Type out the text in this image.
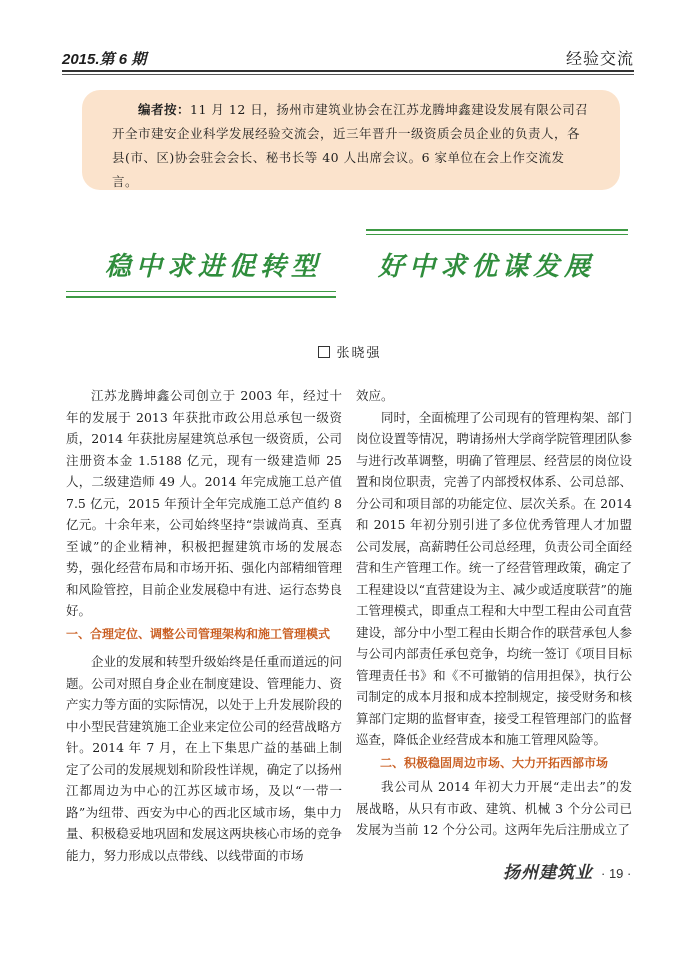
2015.第 6 期	经验交流
编者按：11 月 12 日，扬州市建筑业协会在江苏龙腾坤鑫建设发展有限公司召开全市建安企业科学发展经验交流会，近三年晋升一级资质会员企业的负责人，各县(市、区)协会驻会会长、秘书长等 40 人出席会议。6 家单位在会上作交流发言。
稳中求进促转型    好中求优谋发展
张晓强

江苏龙腾坤鑫公司创立于 2003 年，经过十年的发展于 2013 年获批市政公用总承包一级资质，2014 年获批房屋建筑总承包一级资质，公司注册资本金 1.5188 亿元，现有一级建造师 25 人，二级建造师 49 人。2014 年完成施工总产值 7.5 亿元，2015 年预计全年完成施工总产值约 8 亿元。十余年来，公司始终坚持“崇诚尚真、至真至诚”的企业精神，积极把握建筑市场的发展态势，强化经营布局和市场开拓、强化内部精细管理和风险管控，目前企业发展稳中有进、运行态势良好。

一、合理定位、调整公司管理架构和施工管理模式

企业的发展和转型升级始终是任重而道远的问题。公司对照自身企业在制度建设、管理能力、资产实力等方面的实际情况，以处于上升发展阶段的中小型民营建筑施工企业来定位公司的经营战略方针。2014 年 7 月，在上下集思广益的基础上制定了公司的发展规划和阶段性详规，确定了以扬州江都周边为中心的江苏区域市场，及以“一带一路”为纽带、西安为中心的西北区域市场，集中力量、积极稳妥地巩固和发展这两块核心市场的竞争能力，努力形成以点带线、以线带面的市场

效应。

同时，全面梳理了公司现有的管理构架、部门岗位设置等情况，聘请扬州大学商学院管理团队参与进行改革调整，明确了管理层、经营层的岗位设置和岗位职责，完善了内部授权体系、公司总部、分公司和项目部的功能定位、层次关系。在 2014 和 2015 年初分别引进了多位优秀管理人才加盟公司发展，高薪聘任公司总经理，负责公司全面经营和生产管理工作。统一了经营管理政策，确定了工程建设以“直营建设为主、减少或适度联营”的施工管理模式，即重点工程和大中型工程由公司直营建设，部分中小型工程由长期合作的联营承包人参与公司内部责任承包竞争，均统一签订《项目目标管理责任书》和《不可撤销的信用担保》，执行公司制定的成本月报和成本控制规定，接受财务和核算部门定期的监督审查，接受工程管理部门的监督巡查，降低企业经营成本和施工管理风险等。

二、积极稳固周边市场、大力开拓西部市场

我公司从 2014 年初大力开展“走出去”的发展战略，从只有市政、建筑、机械 3 个分公司已发展为当前 12 个分公司。这两年先后注册成立了

扬州建筑业 · 19 ·
